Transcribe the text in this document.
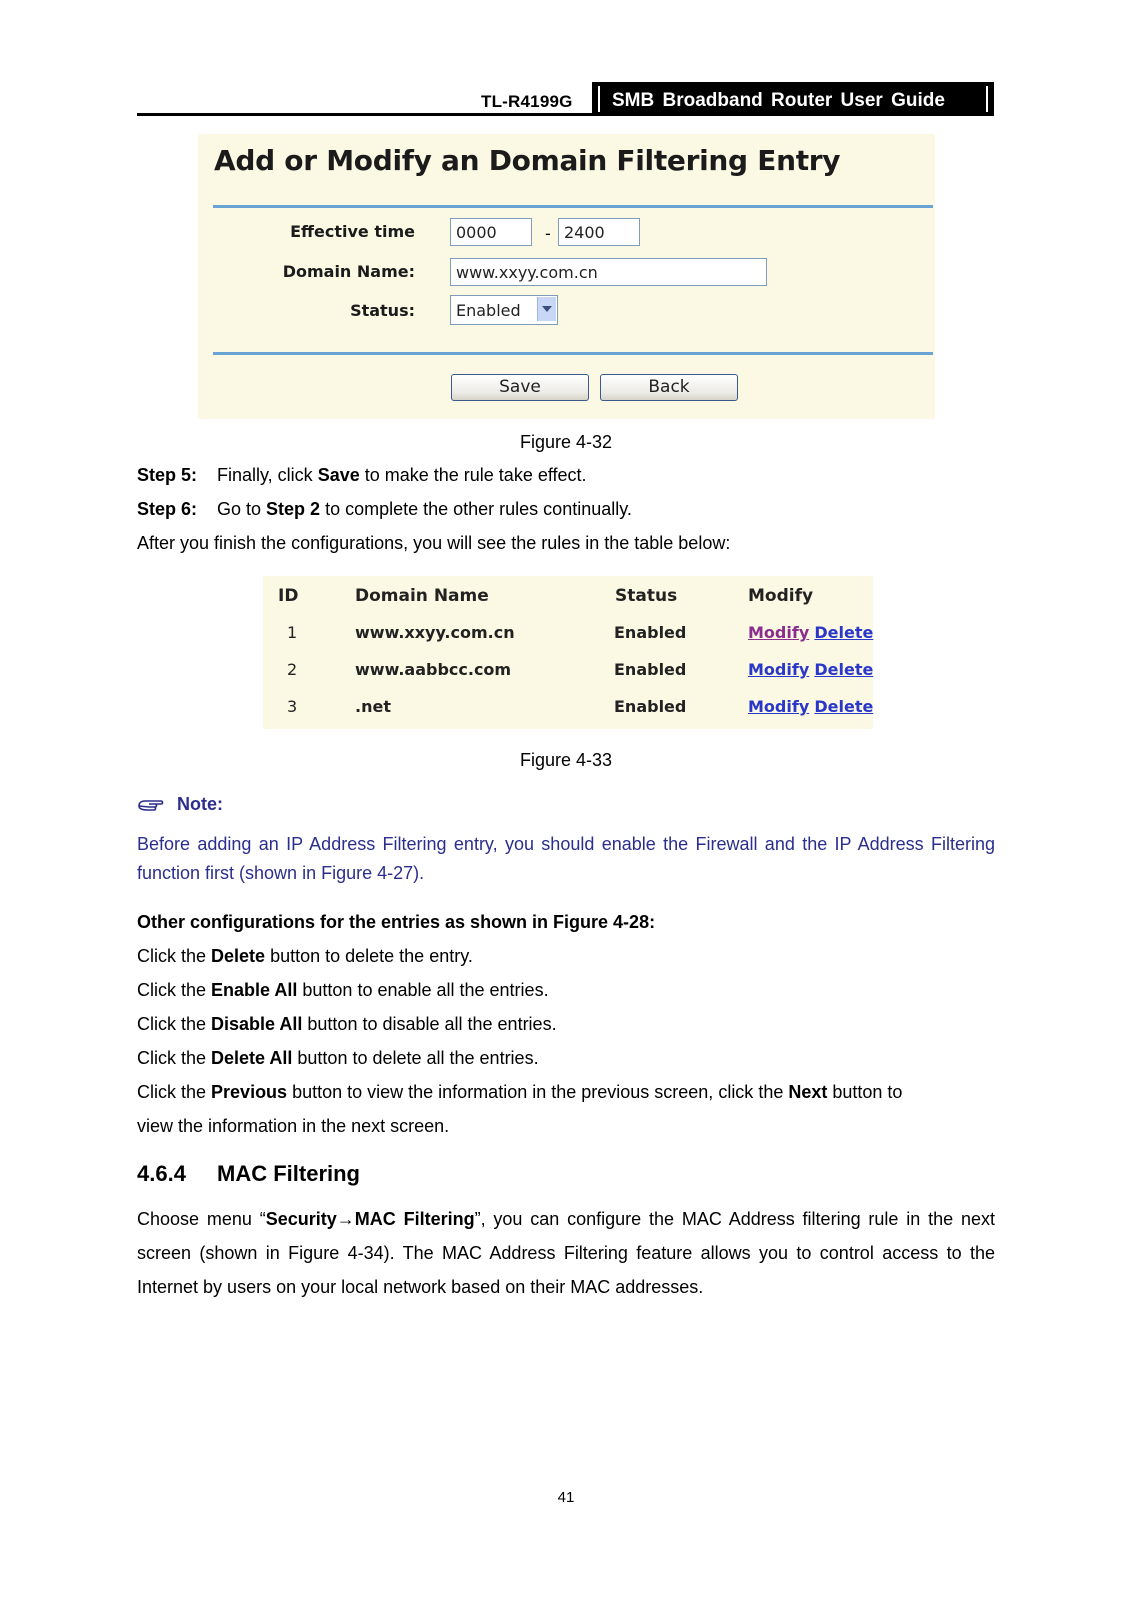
TL-R4199G	SMB Broadband Router User Guide
Add or Modify an Domain Filtering Entry
Effective time	0000	- 2400
Domain Name:	www.xxyy.com.cn
Status:	Enabled
Save	Back
Figure 4-32
Step 5: Finally, click Save to make the rule take effect.
Step 6: Go to Step 2 to complete the other rules continually.
After you finish the configurations, you will see the rules in the table below:
ID	Domain Name	Status	Modify
1	www.xxyy.com.cn	Enabled	Modify Delete
2	www.aabbcc.com	Enabled	Modify Delete
3	.net	Enabled	Modify Delete
Figure 4-33
Note:
Before adding an IP Address Filtering entry, you should enable the Firewall and the IP Address Filtering function first (shown in Figure 4-27).
Other configurations for the entries as shown in Figure 4-28:
Click the Delete button to delete the entry.
Click the Enable All button to enable all the entries.
Click the Disable All button to disable all the entries.
Click the Delete All button to delete all the entries.
Click the Previous button to view the information in the previous screen, click the Next button to
view the information in the next screen.
4.6.4 MAC Filtering
Choose menu “Security→MAC Filtering”, you can configure the MAC Address filtering rule in the next screen (shown in Figure 4-34). The MAC Address Filtering feature allows you to control access to the Internet by users on your local network based on their MAC addresses.
41
